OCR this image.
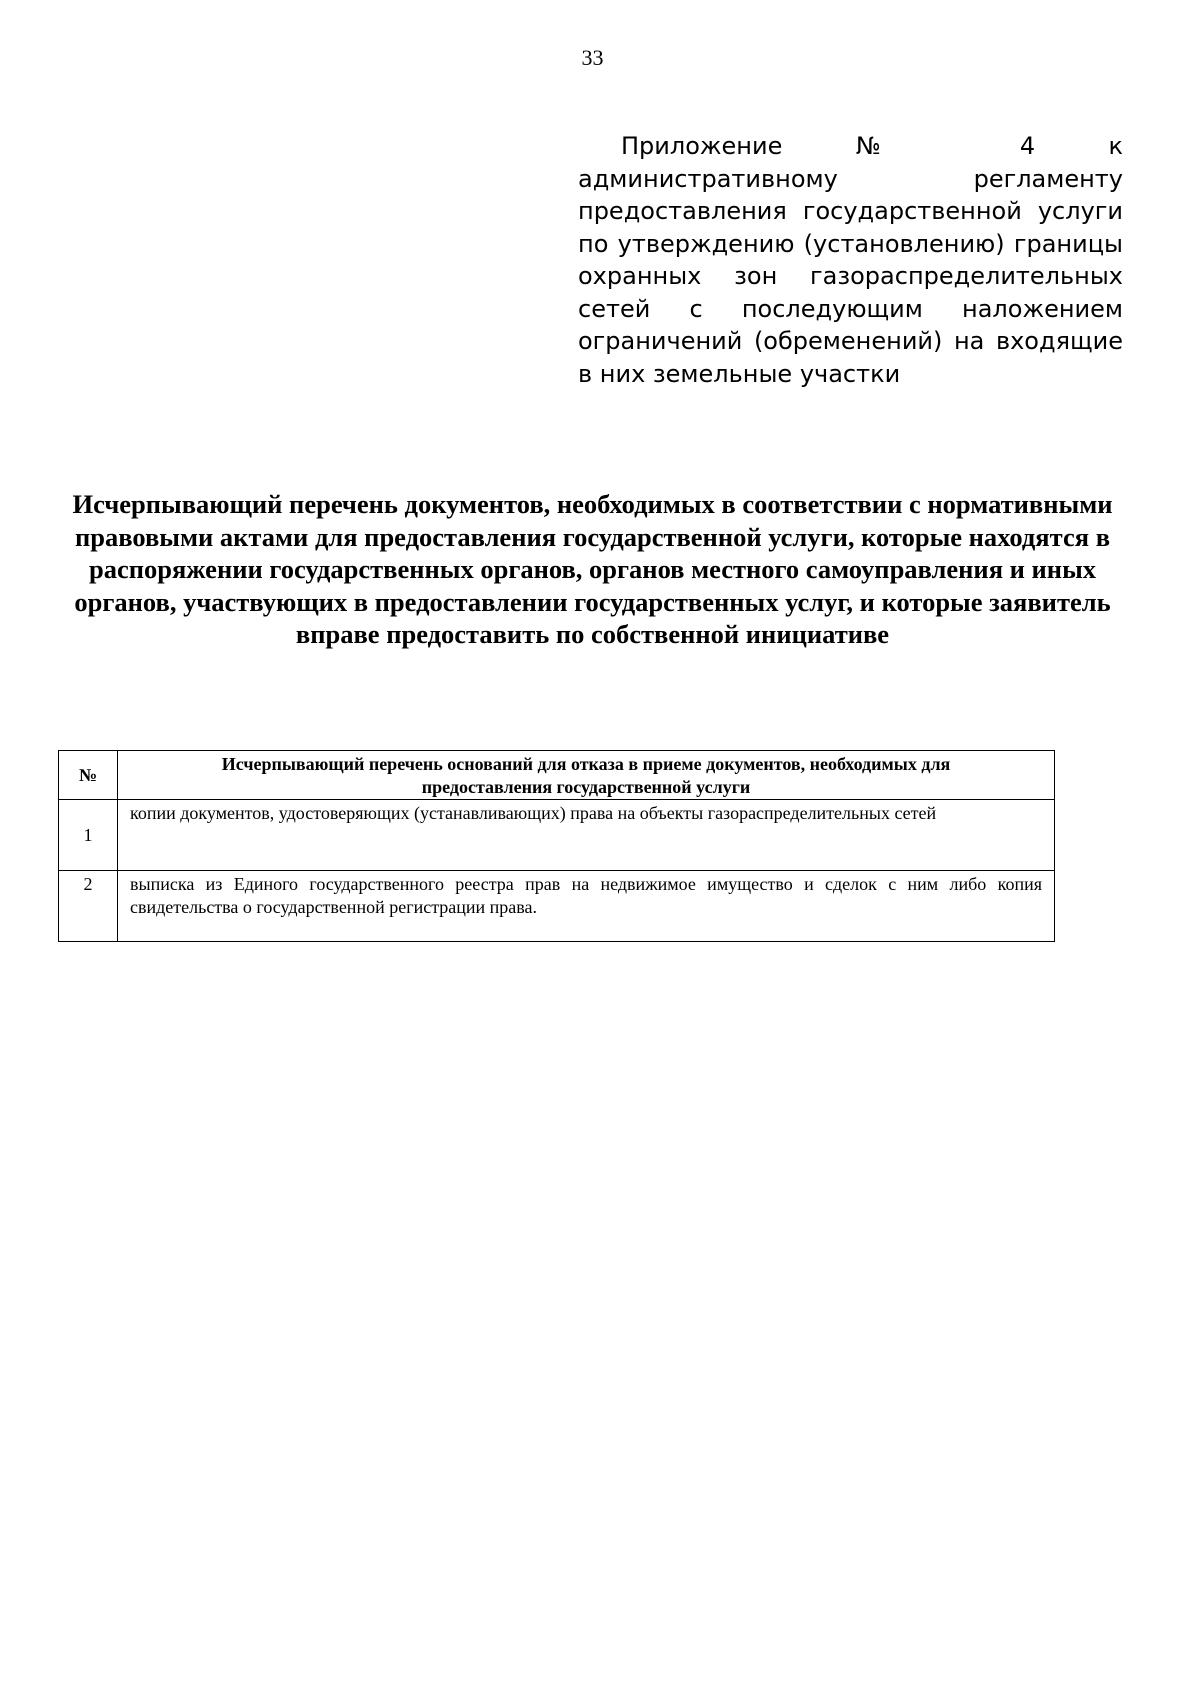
33

Приложение № 4 к административному регламенту предоставления государственной услуги по утверждению (установлению) границы охранных зон газораспределительных сетей с последующим наложением ограничений (обременений) на входящие в них земельные участки

Исчерпывающий перечень документов, необходимых в соответствии с нормативными правовыми актами для предоставления государственной услуги, которые находятся в распоряжении государственных органов, органов местного самоуправления и иных органов, участвующих в предоставлении государственных услуг, и которые заявитель вправе предоставить по собственной инициативе
№	Исчерпывающий перечень оснований для отказа в приеме документов, необходимых для предоставления государственной услуги
1	копии документов, удостоверяющих (устанавливающих) права на объекты газораспределительных сетей
2	выписка из Единого государственного реестра прав на недвижимое имущество и сделок с ним либо копия свидетельства о государственной регистрации права.
